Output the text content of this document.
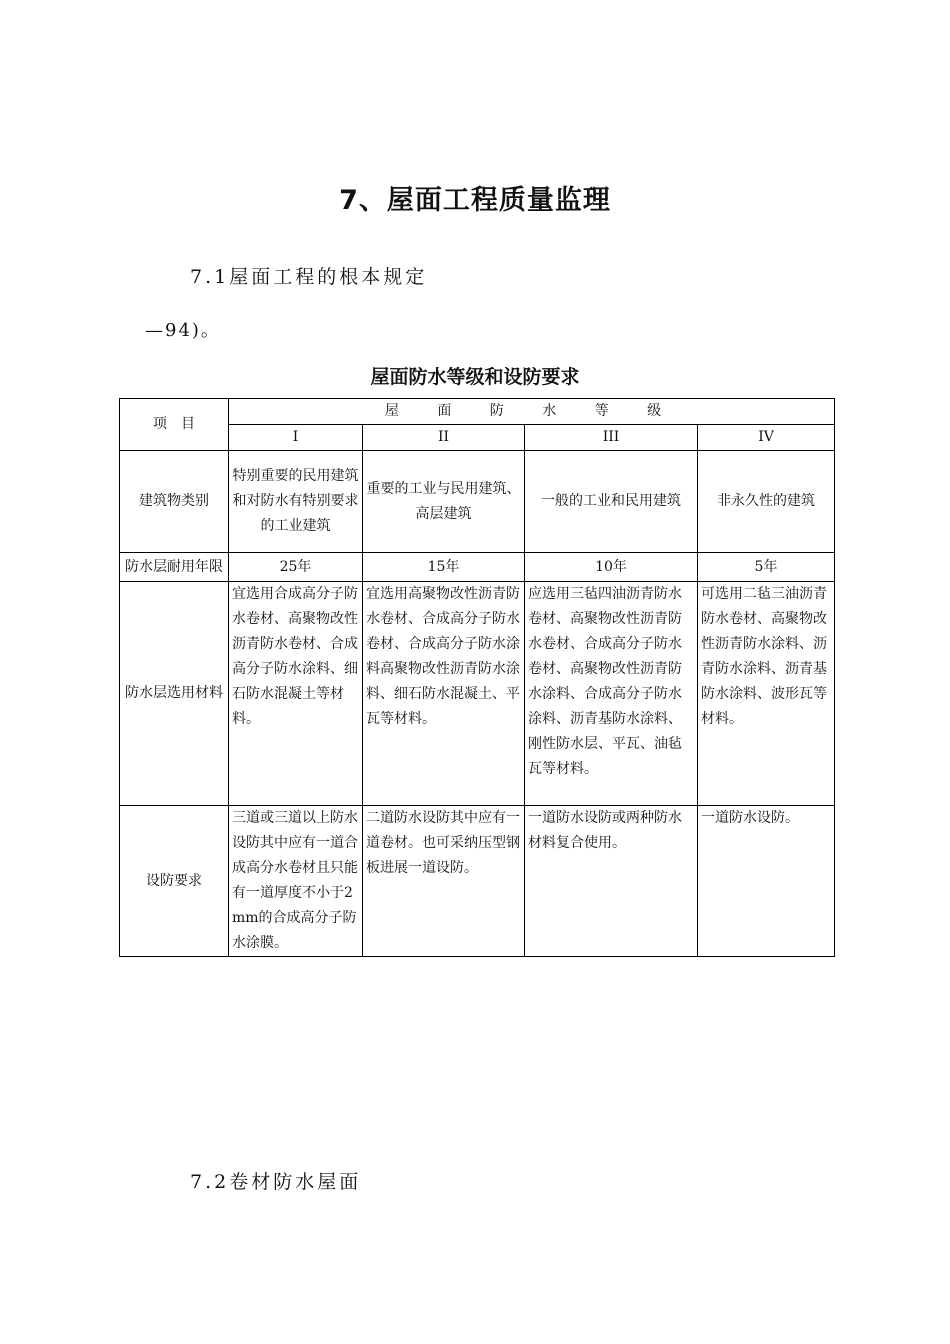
7、屋面工程质量监理

7.1屋面工程的根本规定

—94)。

屋面防水等级和设防要求

项　目	屋 面 防 水 等 级			
	I	II	III	IV
建筑物类别	特别重要的民用建筑和对防水有特别要求的工业建筑	重要的工业与民用建筑、高层建筑	一般的工业和民用建筑	非永久性的建筑
防水层耐用年限	25年	15年	10年	5年
防水层选用材料	宜选用合成高分子防水卷材、高聚物改性沥青防水卷材、合成高分子防水涂料、细石防水混凝土等材料。	宜选用高聚物改性沥青防水卷材、合成高分子防水卷材、合成高分子防水涂料高聚物改性沥青防水涂料、细石防水混凝土、平瓦等材料。	应选用三毡四油沥青防水卷材、高聚物改性沥青防水卷材、合成高分子防水卷材、高聚物改性沥青防水涂料、合成高分子防水涂料、沥青基防水涂料、刚性防水层、平瓦、油毡瓦等材料。	可选用二毡三油沥青防水卷材、高聚物改性沥青防水涂料、沥青防水涂料、沥青基防水涂料、波形瓦等材料。
设防要求	三道或三道以上防水设防其中应有一道合成高分水卷材且只能有一道厚度不小于2mm的合成高分子防水涂膜。	二道防水设防其中应有一道卷材。也可采纳压型钢板进展一道设防。	一道防水设防或两种防水材料复合使用。	一道防水设防。

7.2卷材防水屋面
